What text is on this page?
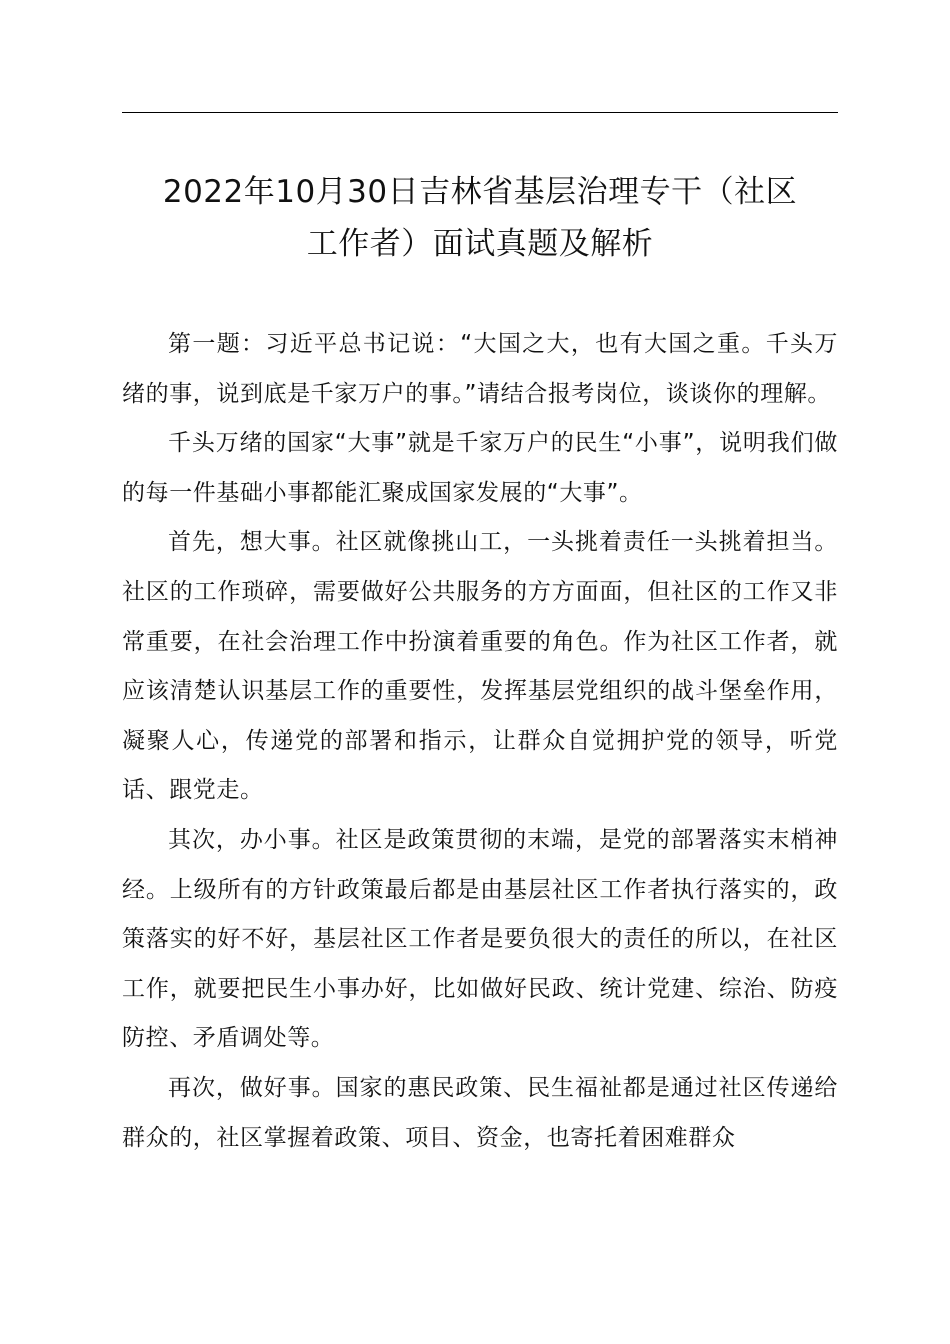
2022年10月30日吉林省基层治理专干（社区
工作者）面试真题及解析

第一题：习近平总书记说：“大国之大，也有大国之重。千头万绪的事，说到底是千家万户的事。”请结合报考岗位，谈谈你的理解。

千头万绪的国家“大事”就是千家万户的民生“小事”，说明我们做的每一件基础小事都能汇聚成国家发展的“大事”。

首先，想大事。社区就像挑山工，一头挑着责任一头挑着担当。社区的工作琐碎，需要做好公共服务的方方面面，但社区的工作又非常重要，在社会治理工作中扮演着重要的角色。作为社区工作者，就应该清楚认识基层工作的重要性，发挥基层党组织的战斗堡垒作用，凝聚人心，传递党的部署和指示，让群众自觉拥护党的领导，听党话、跟党走。

其次，办小事。社区是政策贯彻的末端，是党的部署落实末梢神经。上级所有的方针政策最后都是由基层社区工作者执行落实的，政策落实的好不好，基层社区工作者是要负很大的责任的所以，在社区工作，就要把民生小事办好，比如做好民政、统计党建、综治、防疫防控、矛盾调处等。

再次，做好事。国家的惠民政策、民生福祉都是通过社区传递给群众的，社区掌握着政策、项目、资金，也寄托着困难群众
